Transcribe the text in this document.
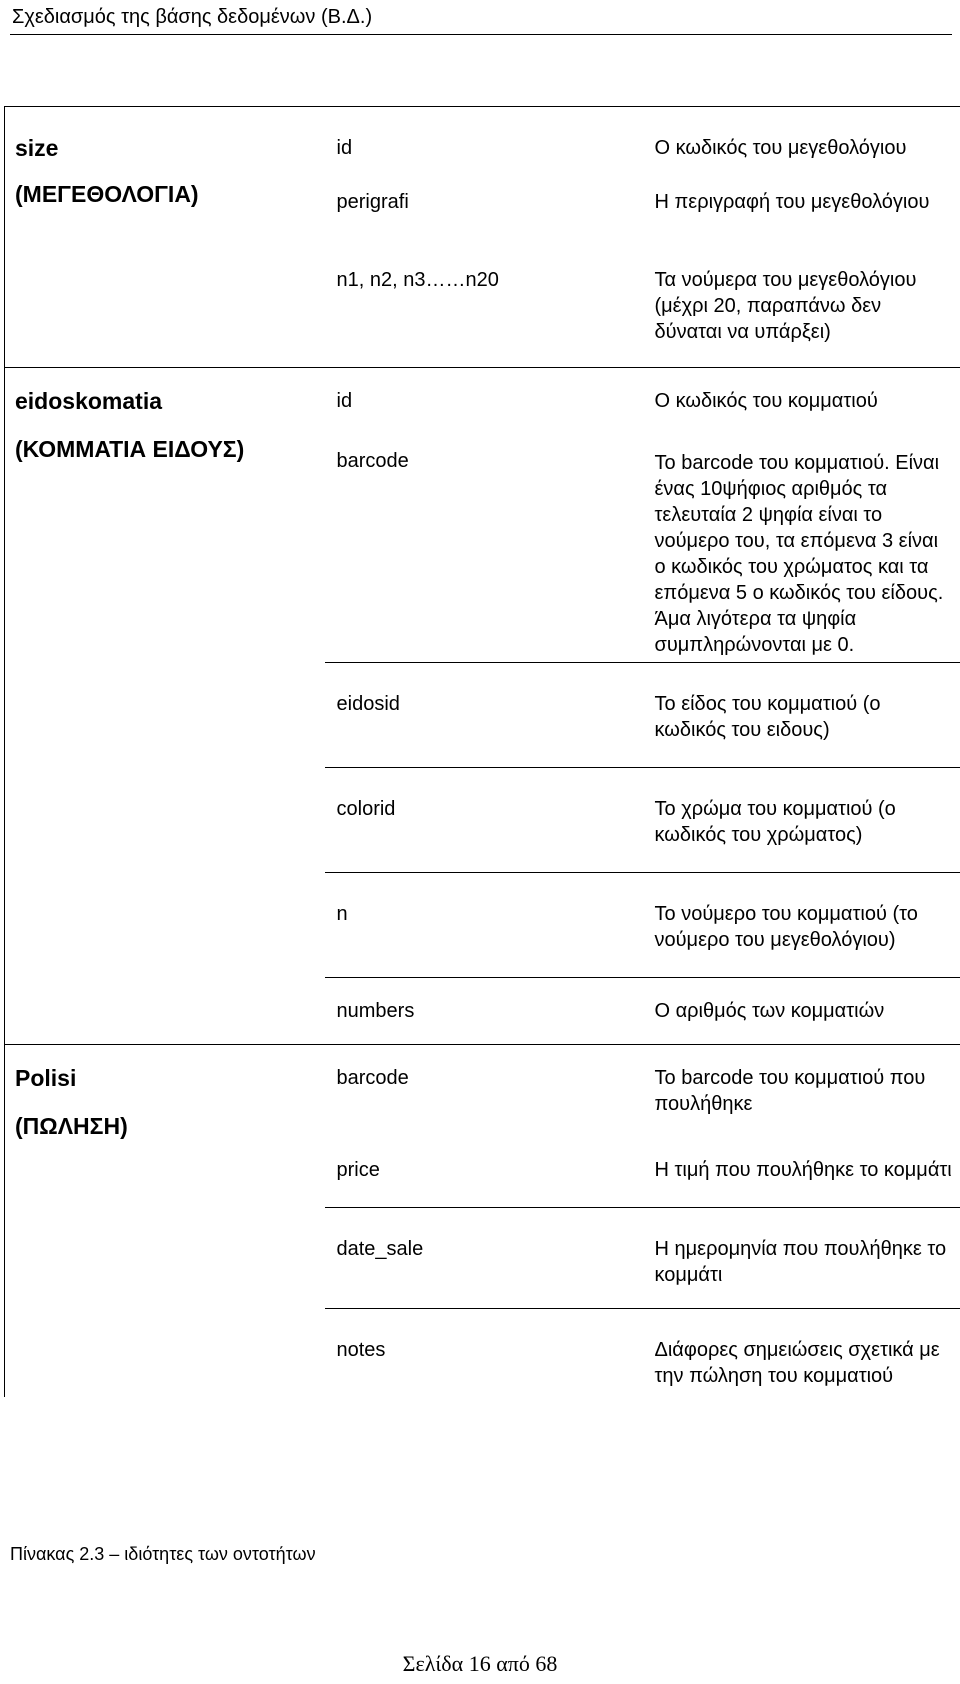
Σχεδιασμός της βάσης δεδομένων (Β.Δ.)
size
(ΜΕΓΕΘΟΛΟΓΙΑ)	id	Ο κωδικός του μεγεθολόγιου

	perigrafi	Η περιγραφή του μεγεθολόγιου

	n1, n2, n3……n20	Τα νούμερα του μεγεθολόγιου (μέχρι 20, παραπάνω δεν δύναται να υπάρξει)

eidoskomatia
(ΚΟΜΜΑΤΙΑ ΕΙΔΟΥΣ)	id	Ο κωδικός του κομματιού

	barcode	Το barcode του κομματιού. Είναι ένας 10ψήφιος αριθμός τα τελευταία 2 ψηφία είναι το νούμερο του, τα επόμενα 3 είναι ο κωδικός του χρώματος και τα επόμενα 5 ο κωδικός του είδους. Άμα λιγότερα τα ψηφία συμπληρώνονται με 0.

	eidosid	Το είδος του κομματιού (ο κωδικός του ειδους)

	colorid	Το χρώμα του κομματιού (ο κωδικός του χρώματος)

	n	Το νούμερο του κομματιού (το νούμερο του μεγεθολόγιου)

	numbers	Ο αριθμός των κομματιών

Polisi
(ΠΩΛΗΣΗ)	barcode	Το barcode του κομματιού που πουλήθηκε

	price	Η τιμή που πουλήθηκε το κομμάτι

	date_sale	Η ημερομηνία που πουλήθηκε το κομμάτι

	notes	Διάφορες σημειώσεις σχετικά με την πώληση του κομματιού
Πίνακας 2.3 – ιδιότητες των οντοτήτων
Σελίδα 16 από 68
